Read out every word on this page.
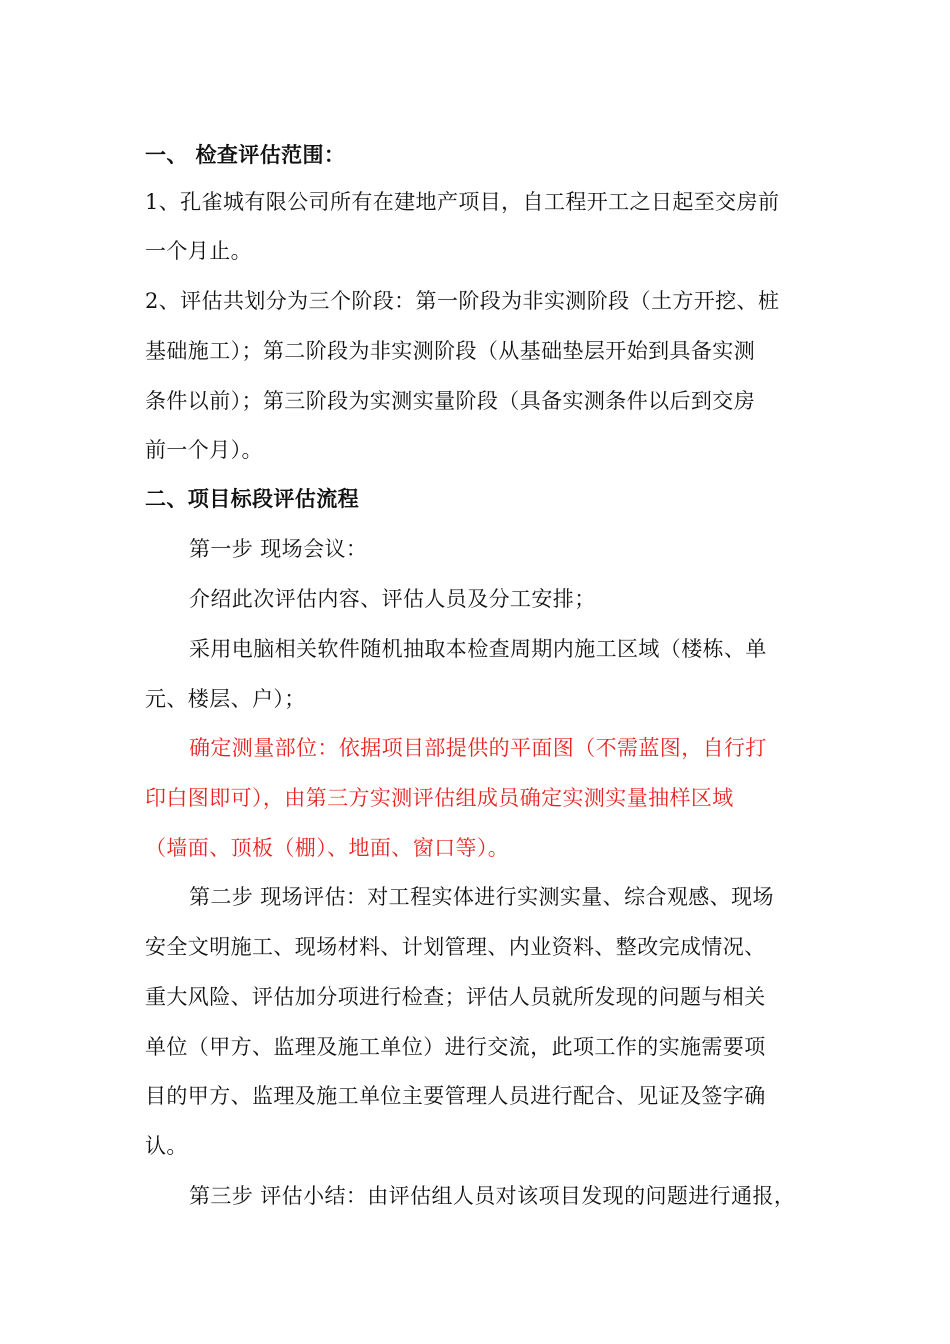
一、 检查评估范围：
1、孔雀城有限公司所有在建地产项目，自工程开工之日起至交房前
一个月止。
2、评估共划分为三个阶段：第一阶段为非实测阶段（土方开挖、桩
基础施工）；第二阶段为非实测阶段（从基础垫层开始到具备实测
条件以前）；第三阶段为实测实量阶段（具备实测条件以后到交房
前一个月）。
二、项目标段评估流程
第一步 现场会议：
介绍此次评估内容、评估人员及分工安排；
采用电脑相关软件随机抽取本检查周期内施工区域（楼栋、单
元、楼层、户）；
确定测量部位：依据项目部提供的平面图（不需蓝图，自行打
印白图即可），由第三方实测评估组成员确定实测实量抽样区域
（墙面、顶板（棚）、地面、窗口等）。
第二步 现场评估：对工程实体进行实测实量、综合观感、现场
安全文明施工、现场材料、计划管理、内业资料、整改完成情况、
重大风险、评估加分项进行检查；评估人员就所发现的问题与相关
单位（甲方、监理及施工单位）进行交流，此项工作的实施需要项
目的甲方、监理及施工单位主要管理人员进行配合、见证及签字确
认。
第三步 评估小结：由评估组人员对该项目发现的问题进行通报，
